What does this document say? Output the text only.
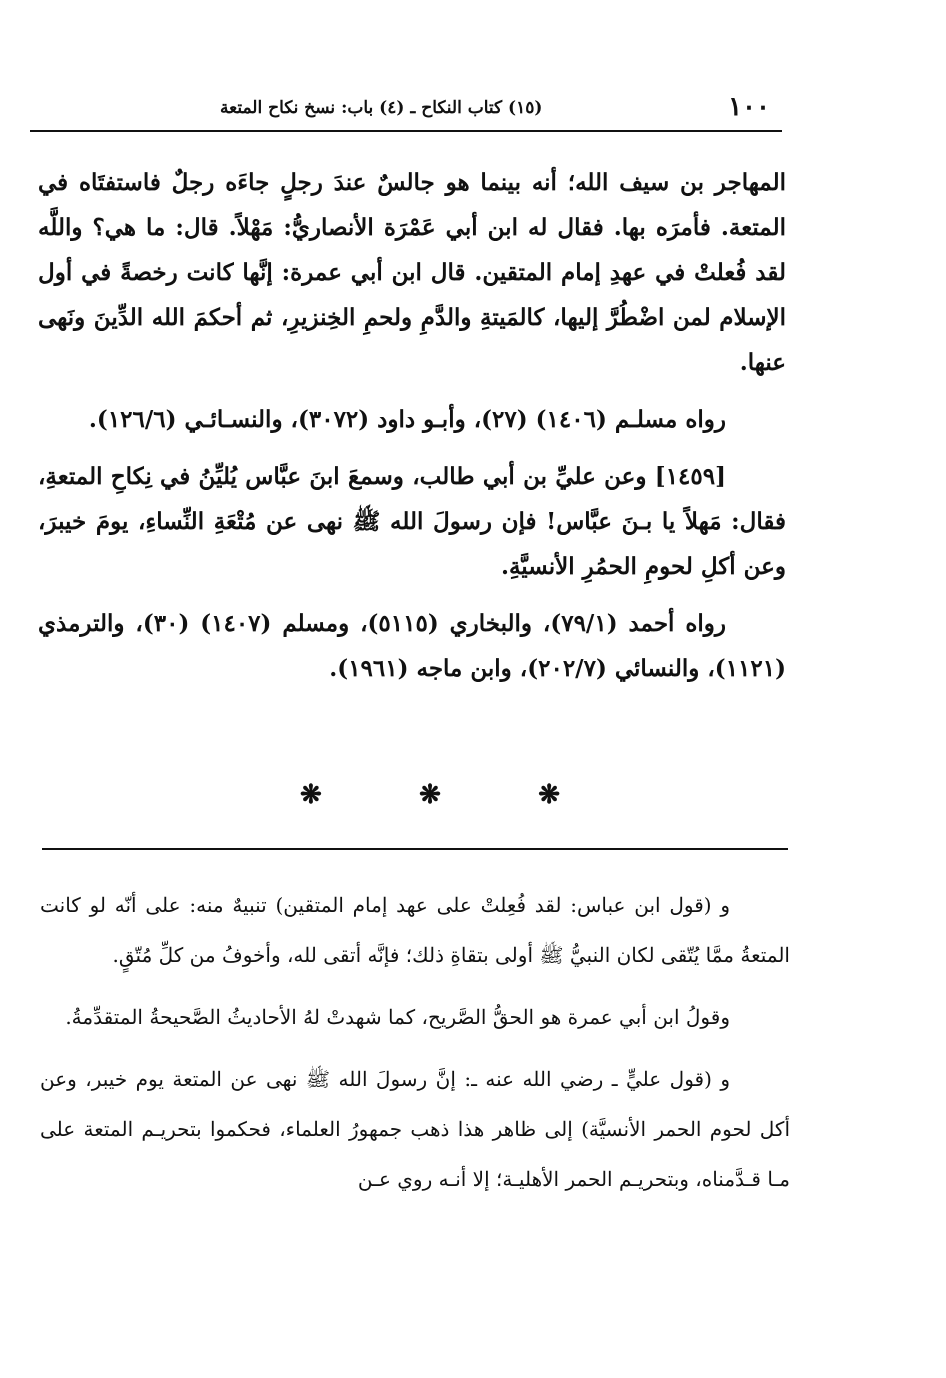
١٠٠
(١٥) كتاب النكاح ـ (٤) باب: نسخ نكاح المتعة

المهاجر بن سيف الله؛ أنه بينما هو جالسٌ عندَ رجلٍ جاءَه رجلٌ فاستفتَاه في المتعة. فأمرَه بها. فقال له ابن أبي عَمْرَة الأنصاريُّ: مَهْلاً. قال: ما هي؟ واللَّه لقد فُعلتْ في عهدِ إمام المتقين. قال ابن أبي عمرة: إنَّها كانت رخصةً في أول الإسلام لمن اضْطُرَّ إليها، كالمَيتةِ والدَّمِ ولحمِ الخِنزيرِ، ثم أحكمَ الله الدِّينَ ونَهى عنها.

رواه مسلـم (١٤٠٦) (٢٧)، وأبـو داود (٣٠٧٢)، والنسـائـي (١٢٦/٦).

[١٤٥٩] وعن عليِّ بن أبي طالب، وسمعَ ابنَ عبَّاس يُليِّنُ في نِكاحِ المتعةِ، فقال: مَهلاً يا بـنَ عبَّاس! فإن رسولَ الله ﷺ نهى عن مُتْعَةِ النِّساءِ، يومَ خيبرَ، وعن أكلِ لحومِ الحمُرِ الأنسيَّةِ.

رواه أحمد (٧٩/١)، والبخاري (٥١١٥)، ومسلم (١٤٠٧) (٣٠)، والترمذي (١١٢١)، والنسائي (٢٠٢/٧)، وابن ماجه (١٩٦١).

❋	❋	❋

و (قول ابن عباس: لقد فُعِلتْ على عهد إمام المتقين) تنبيهٌ منه: على أنّه لو كانت المتعةُ ممَّا يُتّقى لكان النبيُّ ﷺ أولى بتقاةِ ذلك؛ فإنَّه أتقى لله، وأخوفُ من كلِّ مُتّقٍ.

وقولُ ابن أبي عمرة هو الحقُّ الصَّريح، كما شهدتْ لهُ الأحاديثُ الصَّحيحةُ المتقدِّمةُ.

و (قول عليٍّ ـ رضي الله عنه ـ: إنَّ رسولَ الله ﷺ نهى عن المتعة يوم خيبر، وعن أكل لحوم الحمر الأنسيَّة) إلى ظاهر هذا ذهب جمهورُ العلماء، فحكموا بتحريـم المتعة على مـا قـدَّمناه، وبتحريـم الحمر الأهليـة؛ إلا أنـه روي عـن
